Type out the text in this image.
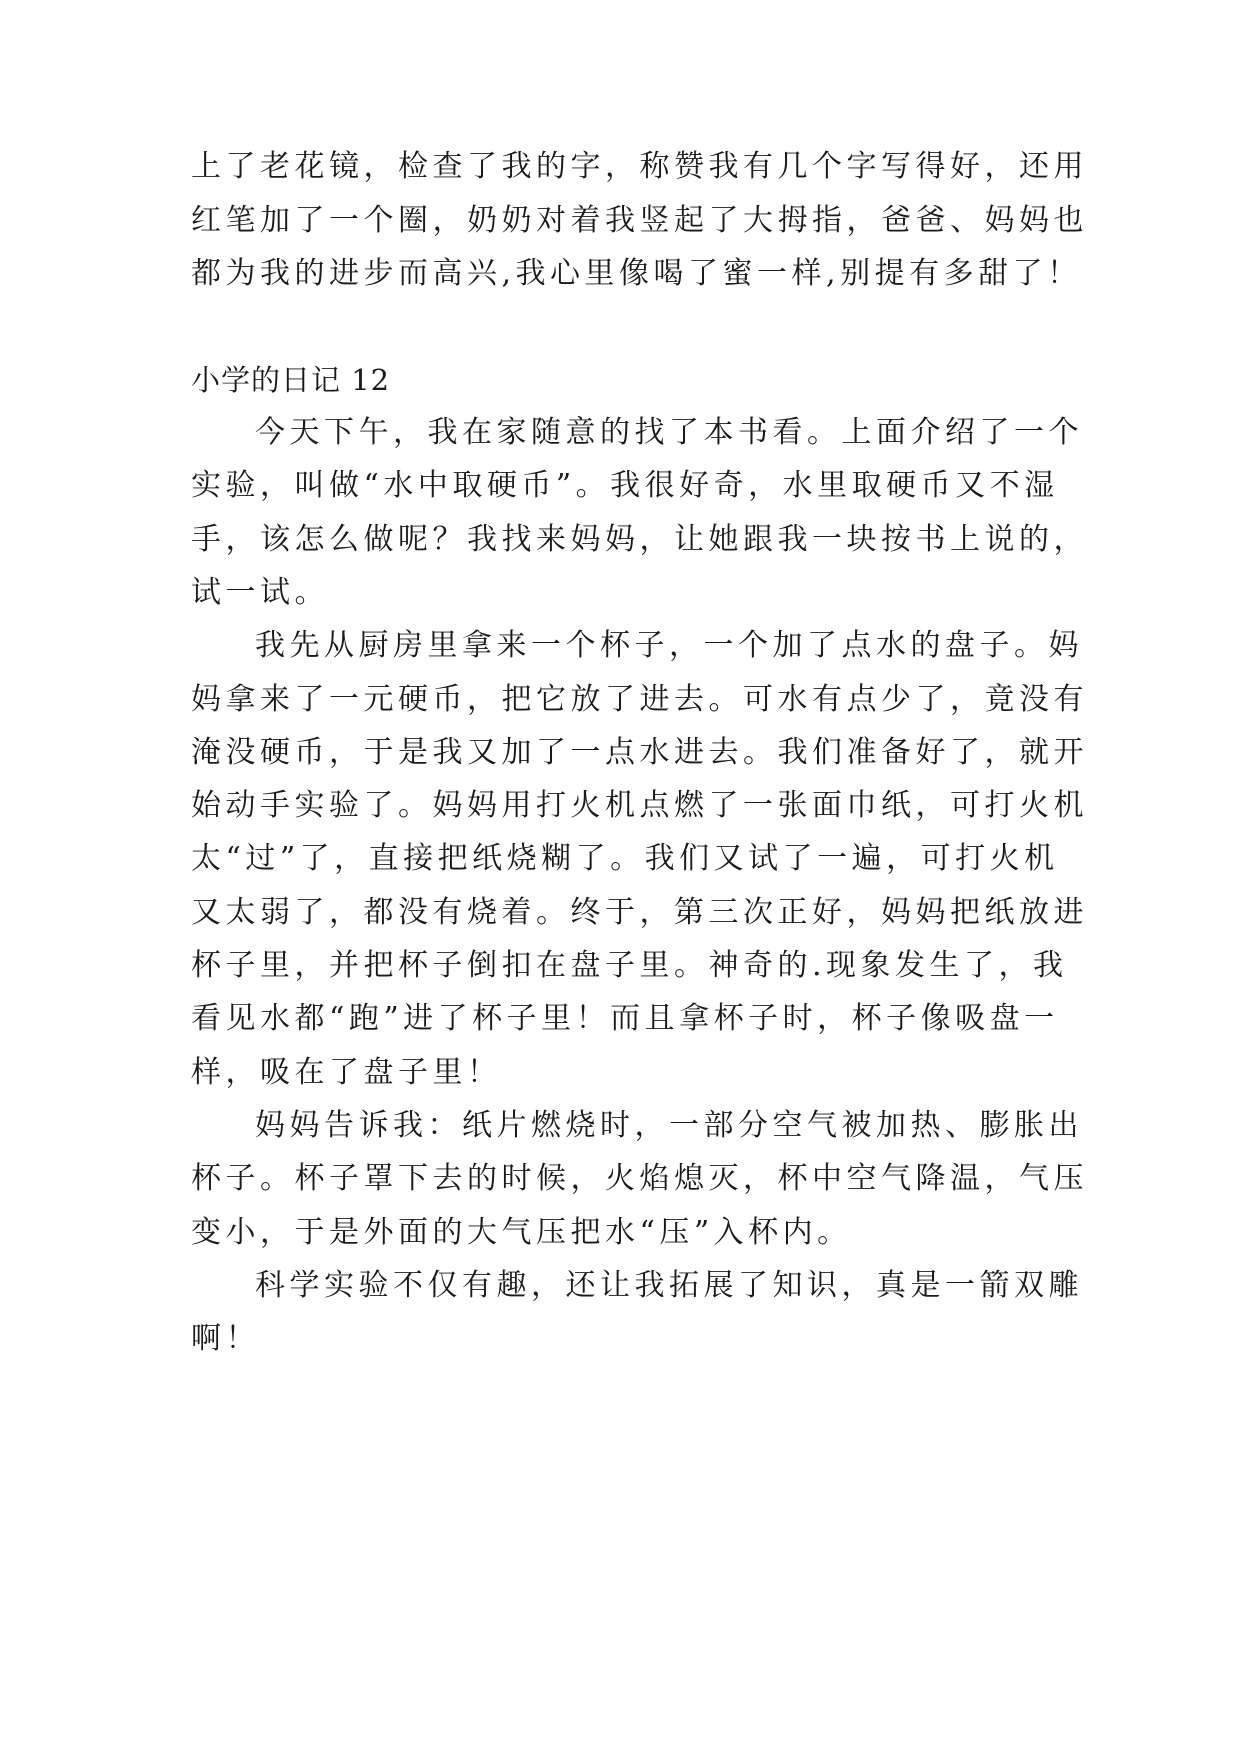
上了老花镜，检查了我的字，称赞我有几个字写得好，还用
红笔加了一个圈，奶奶对着我竖起了大拇指，爸爸、妈妈也
都为我的进步而高兴,我心里像喝了蜜一样,别提有多甜了！
小学的日记 12
今天下午，我在家随意的找了本书看。上面介绍了一个
实验，叫做“水中取硬币”。我很好奇，水里取硬币又不湿
手，该怎么做呢？我找来妈妈，让她跟我一块按书上说的，
试一试。
我先从厨房里拿来一个杯子，一个加了点水的盘子。妈
妈拿来了一元硬币，把它放了进去。可水有点少了，竟没有
淹没硬币，于是我又加了一点水进去。我们准备好了，就开
始动手实验了。妈妈用打火机点燃了一张面巾纸，可打火机
太“过”了，直接把纸烧糊了。我们又试了一遍，可打火机
又太弱了，都没有烧着。终于，第三次正好，妈妈把纸放进
杯子里，并把杯子倒扣在盘子里。神奇的.现象发生了，我
看见水都“跑”进了杯子里！而且拿杯子时，杯子像吸盘一
样，吸在了盘子里！
妈妈告诉我：纸片燃烧时，一部分空气被加热、膨胀出
杯子。杯子罩下去的时候，火焰熄灭，杯中空气降温，气压
变小，于是外面的大气压把水“压”入杯内。
科学实验不仅有趣，还让我拓展了知识，真是一箭双雕
啊！
